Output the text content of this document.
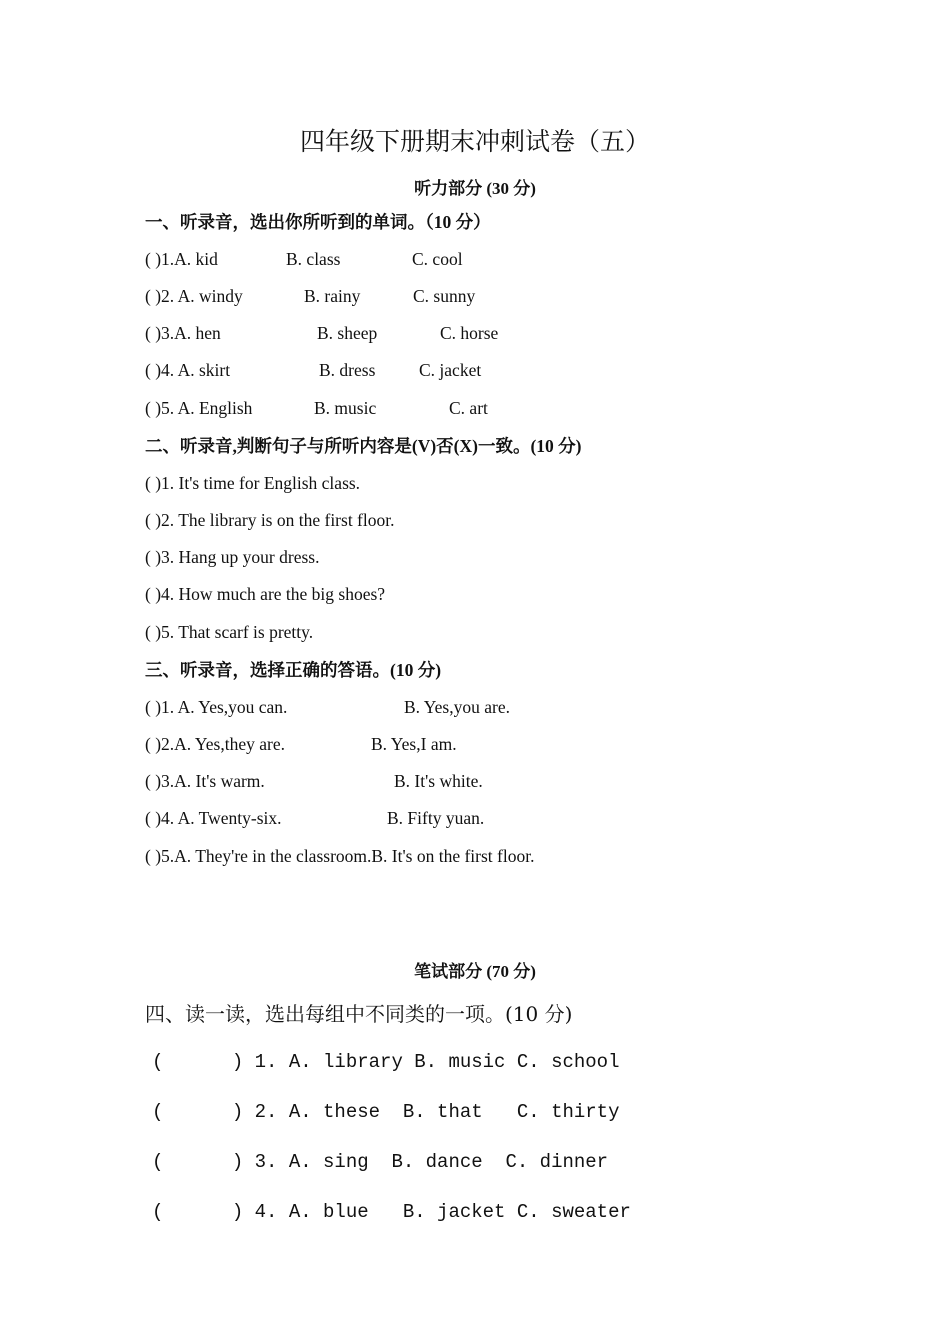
四年级下册期末冲刺试卷（五）
听力部分 (30 分)
一、听录音，选出你所听到的单词。（10 分）
( )1.A. kid	B. class	C. cool
( )2. A. windy	B. rainy	C. sunny
( )3.A. hen	B. sheep	C. horse
( )4. A. skirt	B. dress C. jacket
( )5. A. English	B. music	C. art
二、听录音,判断句子与所听内容是(V)否(X)一致。(10 分)
( )1. It's time for English class.
( )2. The library is on the first floor.
( )3. Hang up your dress.
( )4. How much are the big shoes?
( )5. That scarf is pretty.
三、听录音，选择正确的答语。(10 分)
( )1. A. Yes,you can.	B. Yes,you are.
( )2.A. Yes,they are.	B. Yes,I am.
( )3.A. It's warm.	B. It's white.
( )4. A. Twenty-six.	B. Fifty yuan.
( )5.A. They're in the classroom.B. It's on the first floor.
笔试部分 (70 分)
四、读一读，选出每组中不同类的一项。(10 分)
(      ) 1. A. library B. music C. school
(      ) 2. A. these  B. that   C. thirty
(      ) 3. A. sing  B. dance  C. dinner
(      ) 4. A. blue   B. jacket C. sweater
